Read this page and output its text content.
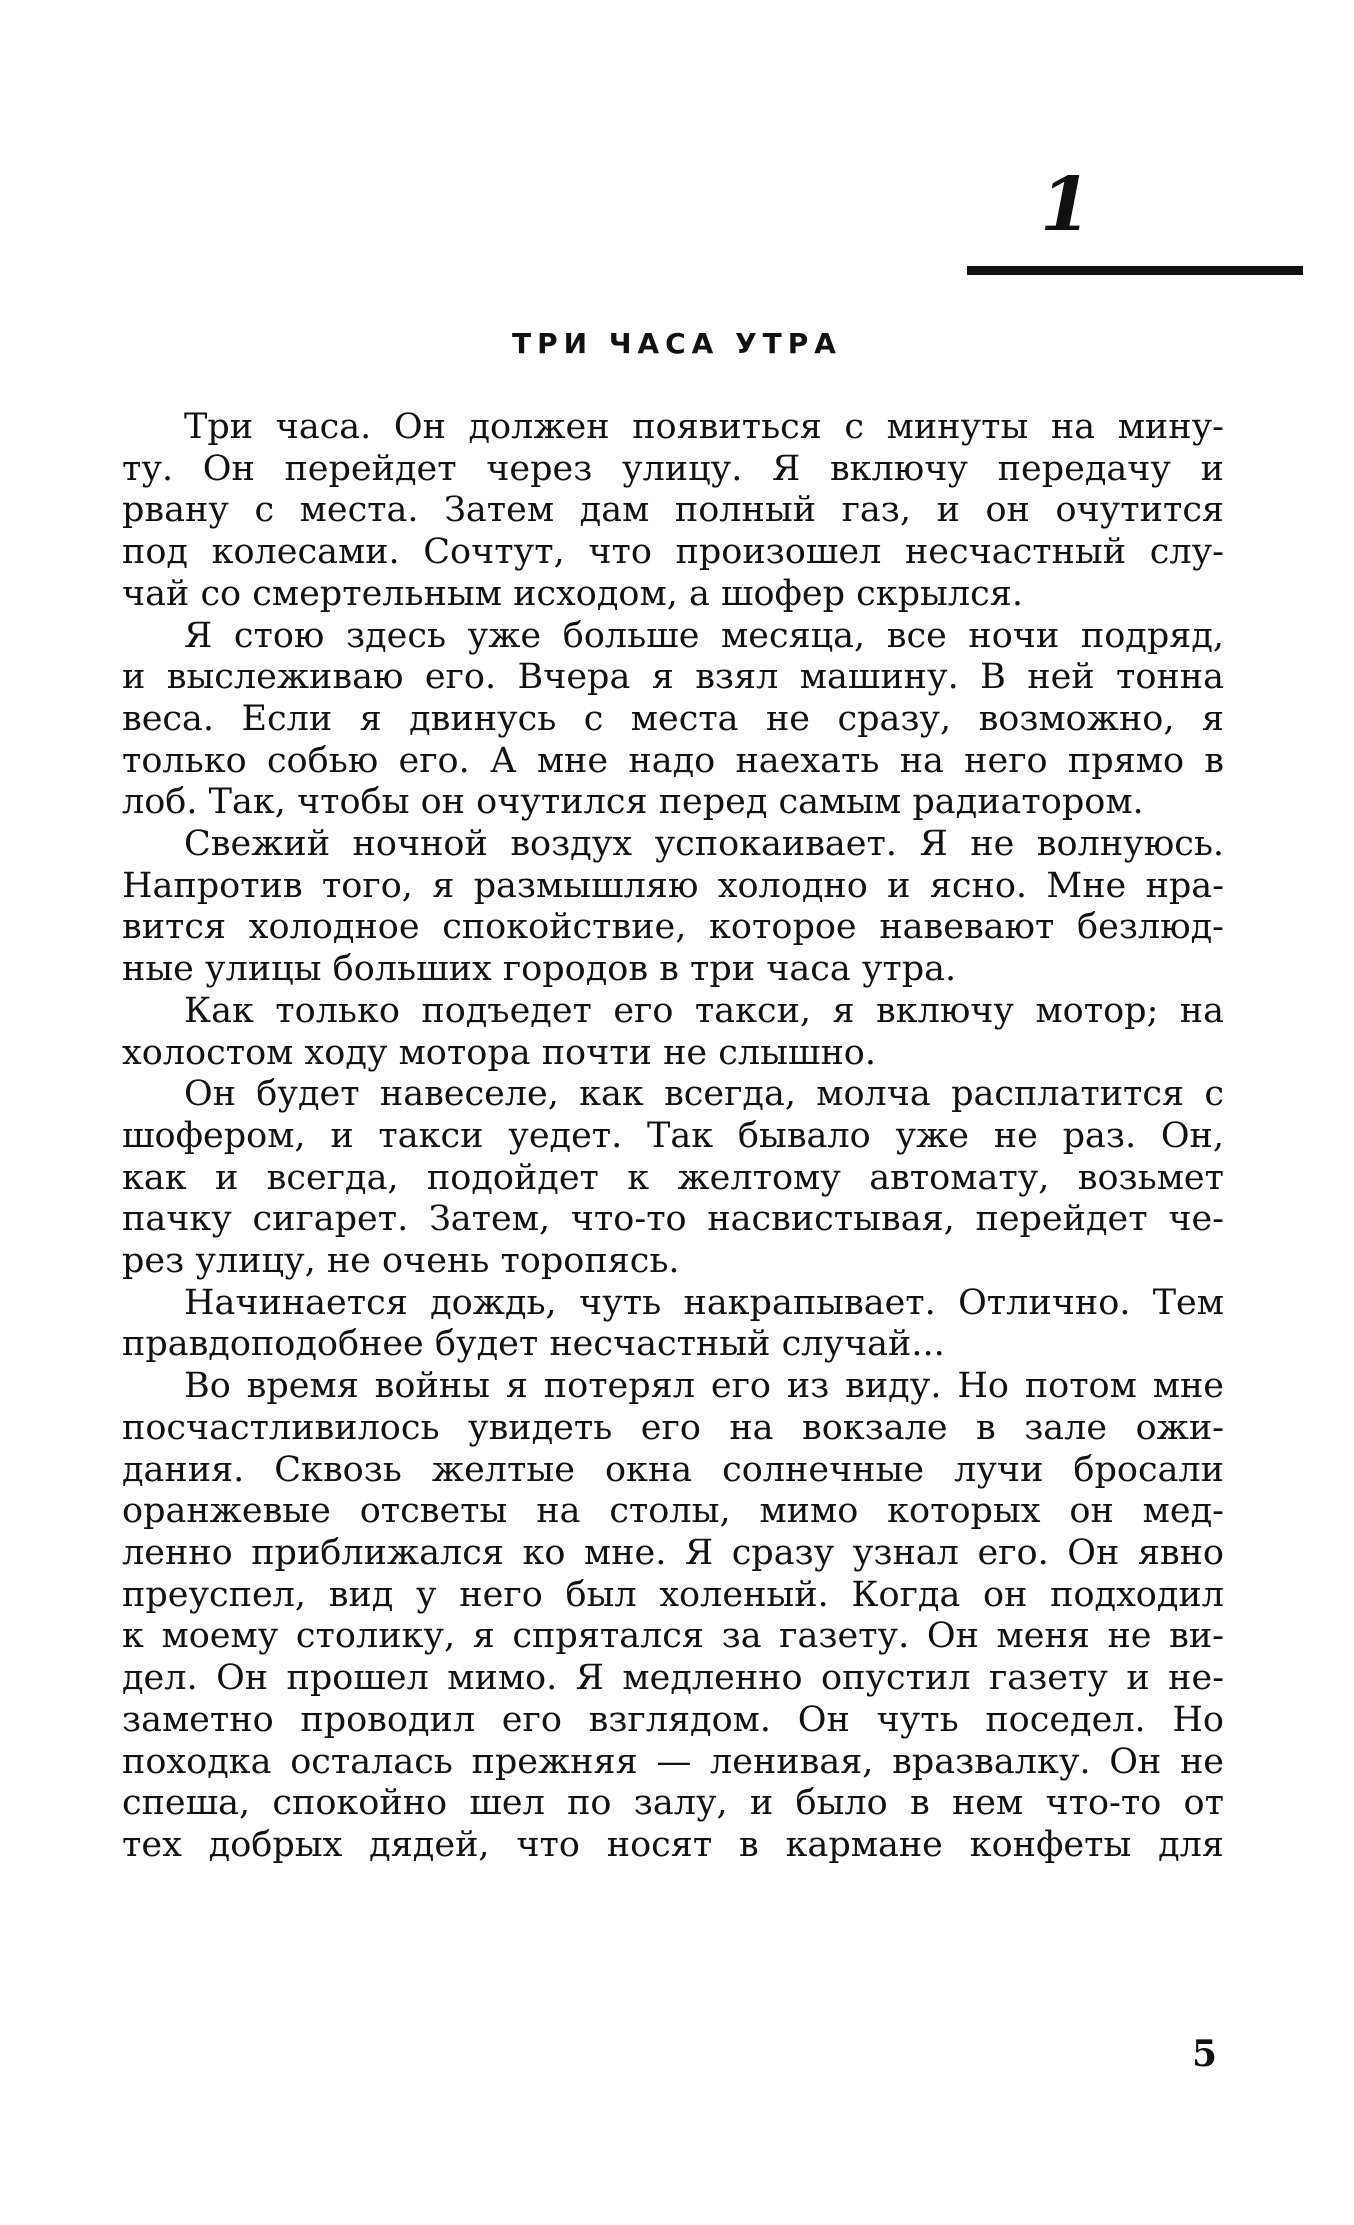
1
ТРИ ЧАСА УТРА

Три часа. Он должен появиться с минуты на мину-
ту. Он перейдет через улицу. Я включу передачу и
рвану с места. Затем дам полный газ, и он очутится
под колесами. Сочтут, что произошел несчастный слу-
чай со смертельным исходом, а шофер скрылся.

Я стою здесь уже больше месяца, все ночи подряд,
и выслеживаю его. Вчера я взял машину. В ней тонна
веса. Если я двинусь с места не сразу, возможно, я
только собью его. А мне надо наехать на него прямо в
лоб. Так, чтобы он очутился перед самым радиатором.

Свежий ночной воздух успокаивает. Я не волнуюсь.
Напротив того, я размышляю холодно и ясно. Мне нра-
вится холодное спокойствие, которое навевают безлюд-
ные улицы больших городов в три часа утра.

Как только подъедет его такси, я включу мотор; на
холостом ходу мотора почти не слышно.

Он будет навеселе, как всегда, молча расплатится с
шофером, и такси уедет. Так бывало уже не раз. Он,
как и всегда, подойдет к желтому автомату, возьмет
пачку сигарет. Затем, что-то насвистывая, перейдет че-
рез улицу, не очень торопясь.

Начинается дождь, чуть накрапывает. Отлично. Тем
правдоподобнее будет несчастный случай...

Во время войны я потерял его из виду. Но потом мне
посчастливилось увидеть его на вокзале в зале ожи-
дания. Сквозь желтые окна солнечные лучи бросали
оранжевые отсветы на столы, мимо которых он мед-
ленно приближался ко мне. Я сразу узнал его. Он явно
преуспел, вид у него был холеный. Когда он подходил
к моему столику, я спрятался за газету. Он меня не ви-
дел. Он прошел мимо. Я медленно опустил газету и не-
заметно проводил его взглядом. Он чуть поседел. Но
походка осталась прежняя — ленивая, вразвалку. Он не
спеша, спокойно шел по залу, и было в нем что-то от
тех добрых дядей, что носят в кармане конфеты для

5
